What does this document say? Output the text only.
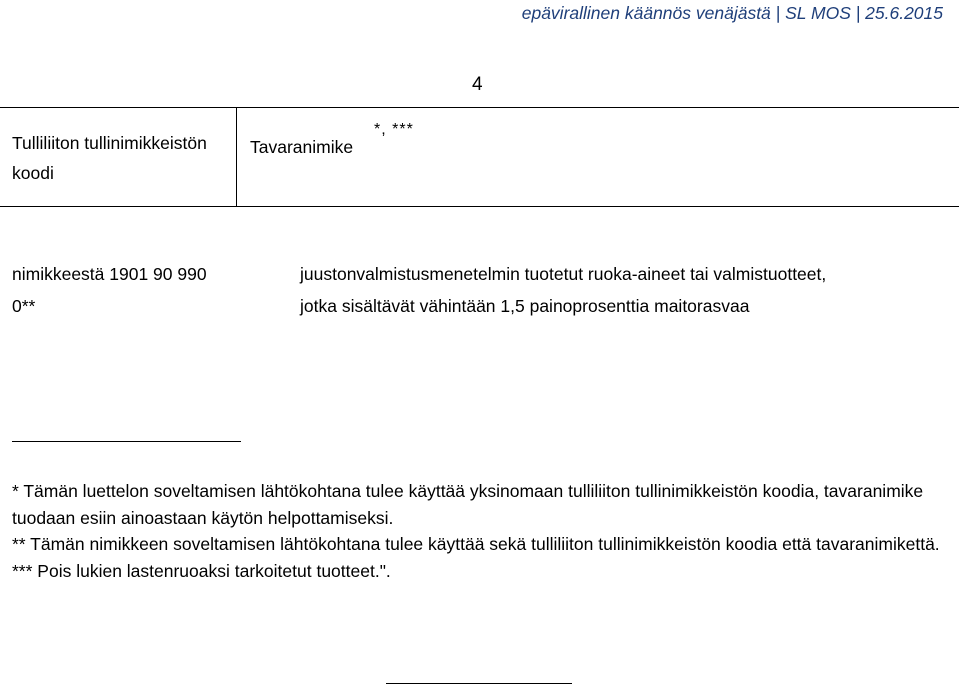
epävirallinen käännös venäjästä | SL MOS | 25.6.2015
4
Tulliliiton tullinimikkeistön koodi
Tavaranimike
*, ***
nimikkeestä 1901 90 990 0**
juustonvalmistusmenetelmin tuotetut ruoka-aineet tai valmistuotteet, jotka sisältävät vähintään 1,5 painoprosenttia maitorasvaa

* Tämän luettelon soveltamisen lähtökohtana tulee käyttää yksinomaan tulliliiton tullinimikkeistön koodia, tavaranimike tuodaan esiin ainoastaan käytön helpottamiseksi.

** Tämän nimikkeen soveltamisen lähtökohtana tulee käyttää sekä tulliliiton tullinimikkeistön koodia että tavaranimikettä.

*** Pois lukien lastenruoaksi tarkoitetut tuotteet.".
